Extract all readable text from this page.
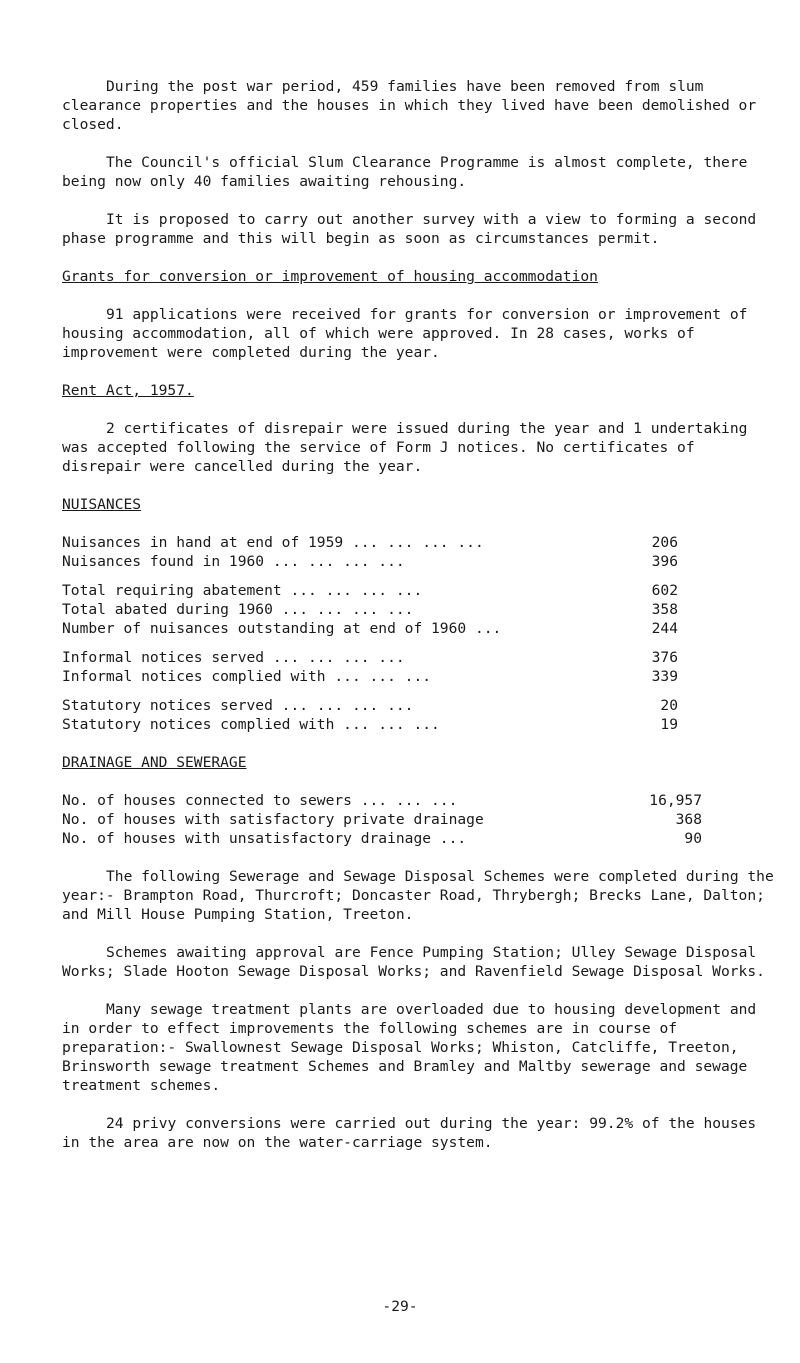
During the post war period, 459 families have been removed from slum clearance properties and the houses in which they lived have been demolished or closed.

The Council's official Slum Clearance Programme is almost complete, there being now only 40 families awaiting rehousing.

It is proposed to carry out another survey with a view to forming a second phase programme and this will begin as soon as circumstances permit.

Grants for conversion or improvement of housing accommodation

91 applications were received for grants for conversion or improvement of housing accommodation, all of which were approved. In 28 cases, works of improvement were completed during the year.

Rent Act, 1957.

2 certificates of disrepair were issued during the year and 1 undertaking was accepted following the service of Form J notices. No certificates of disrepair were cancelled during the year.

NUISANCES

Nuisances in hand at end of 1959 ... ... ... ...	206
Nuisances found in 1960 ... ... ... ...	396

Total requiring abatement ... ... ... ...	602
Total abated during 1960 ... ... ... ...	358
Number of nuisances outstanding at end of 1960 ...	244

Informal notices served ... ... ... ...	376
Informal notices complied with ... ... ...	339

Statutory notices served ... ... ... ...	20
Statutory notices complied with ... ... ...	19

DRAINAGE AND SEWERAGE

No. of houses connected to sewers ... ... ...	16,957
No. of houses with satisfactory private drainage	368
No. of houses with unsatisfactory drainage ...	90

The following Sewerage and Sewage Disposal Schemes were completed during the year:- Brampton Road, Thurcroft; Doncaster Road, Thrybergh; Brecks Lane, Dalton; and Mill House Pumping Station, Treeton.

Schemes awaiting approval are Fence Pumping Station; Ulley Sewage Disposal Works; Slade Hooton Sewage Disposal Works; and Ravenfield Sewage Disposal Works.

Many sewage treatment plants are overloaded due to housing development and in order to effect improvements the following schemes are in course of preparation:- Swallownest Sewage Disposal Works; Whiston, Catcliffe, Treeton, Brinsworth sewage treatment Schemes and Bramley and Maltby sewerage and sewage treatment schemes.

24 privy conversions were carried out during the year: 99.2% of the houses in the area are now on the water-carriage system.

-29-
